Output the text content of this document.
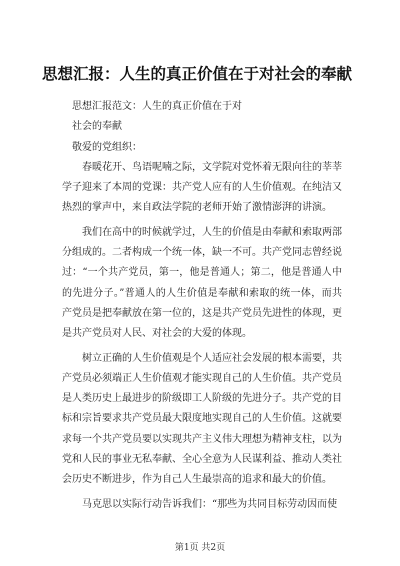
思想汇报：人生的真正价值在于对社会的奉献

思想汇报范文：人生的真正价值在于对

社会的奉献

敬爱的党组织：

春暖花开、鸟语呢喃之际，文学院对党怀着无限向往的莘莘学子迎来了本周的党课：共产党人应有的人生价值观。在纯洁又热烈的掌声中，来自政法学院的老师开始了激情澎湃的讲演。

我们在高中的时候就学过，人生的价值是由奉献和索取两部分组成的。二者构成一个统一体，缺一不可。共产党同志曾经说过：“一个共产党员，第一，他是普通人；第二，他是普通人中的先进分子。”普通人的人生价值是奉献和索取的统一体，而共产党员是把奉献放在第一位的，这是共产党员先进性的体现，更是共产党员对人民、对社会的大爱的体现。

树立正确的人生价值观是个人适应社会发展的根本需要，共产党员必须端正人生价值观才能实现自己的人生价值。共产党员是人类历史上最进步的阶级即工人阶级的先进分子。共产党的目标和宗旨要求共产党员最大限度地实现自己的人生价值。这就要求每一个共产党员要以实现共产主义伟大理想为精神支柱，以为党和人民的事业无私奉献、全心全意为人民谋利益、推动人类社会历史不断进步，作为自己人生最崇高的追求和最大的价值。

马克思以实际行动告诉我们：“那些为共同目标劳动因而使

第1页 共2页
